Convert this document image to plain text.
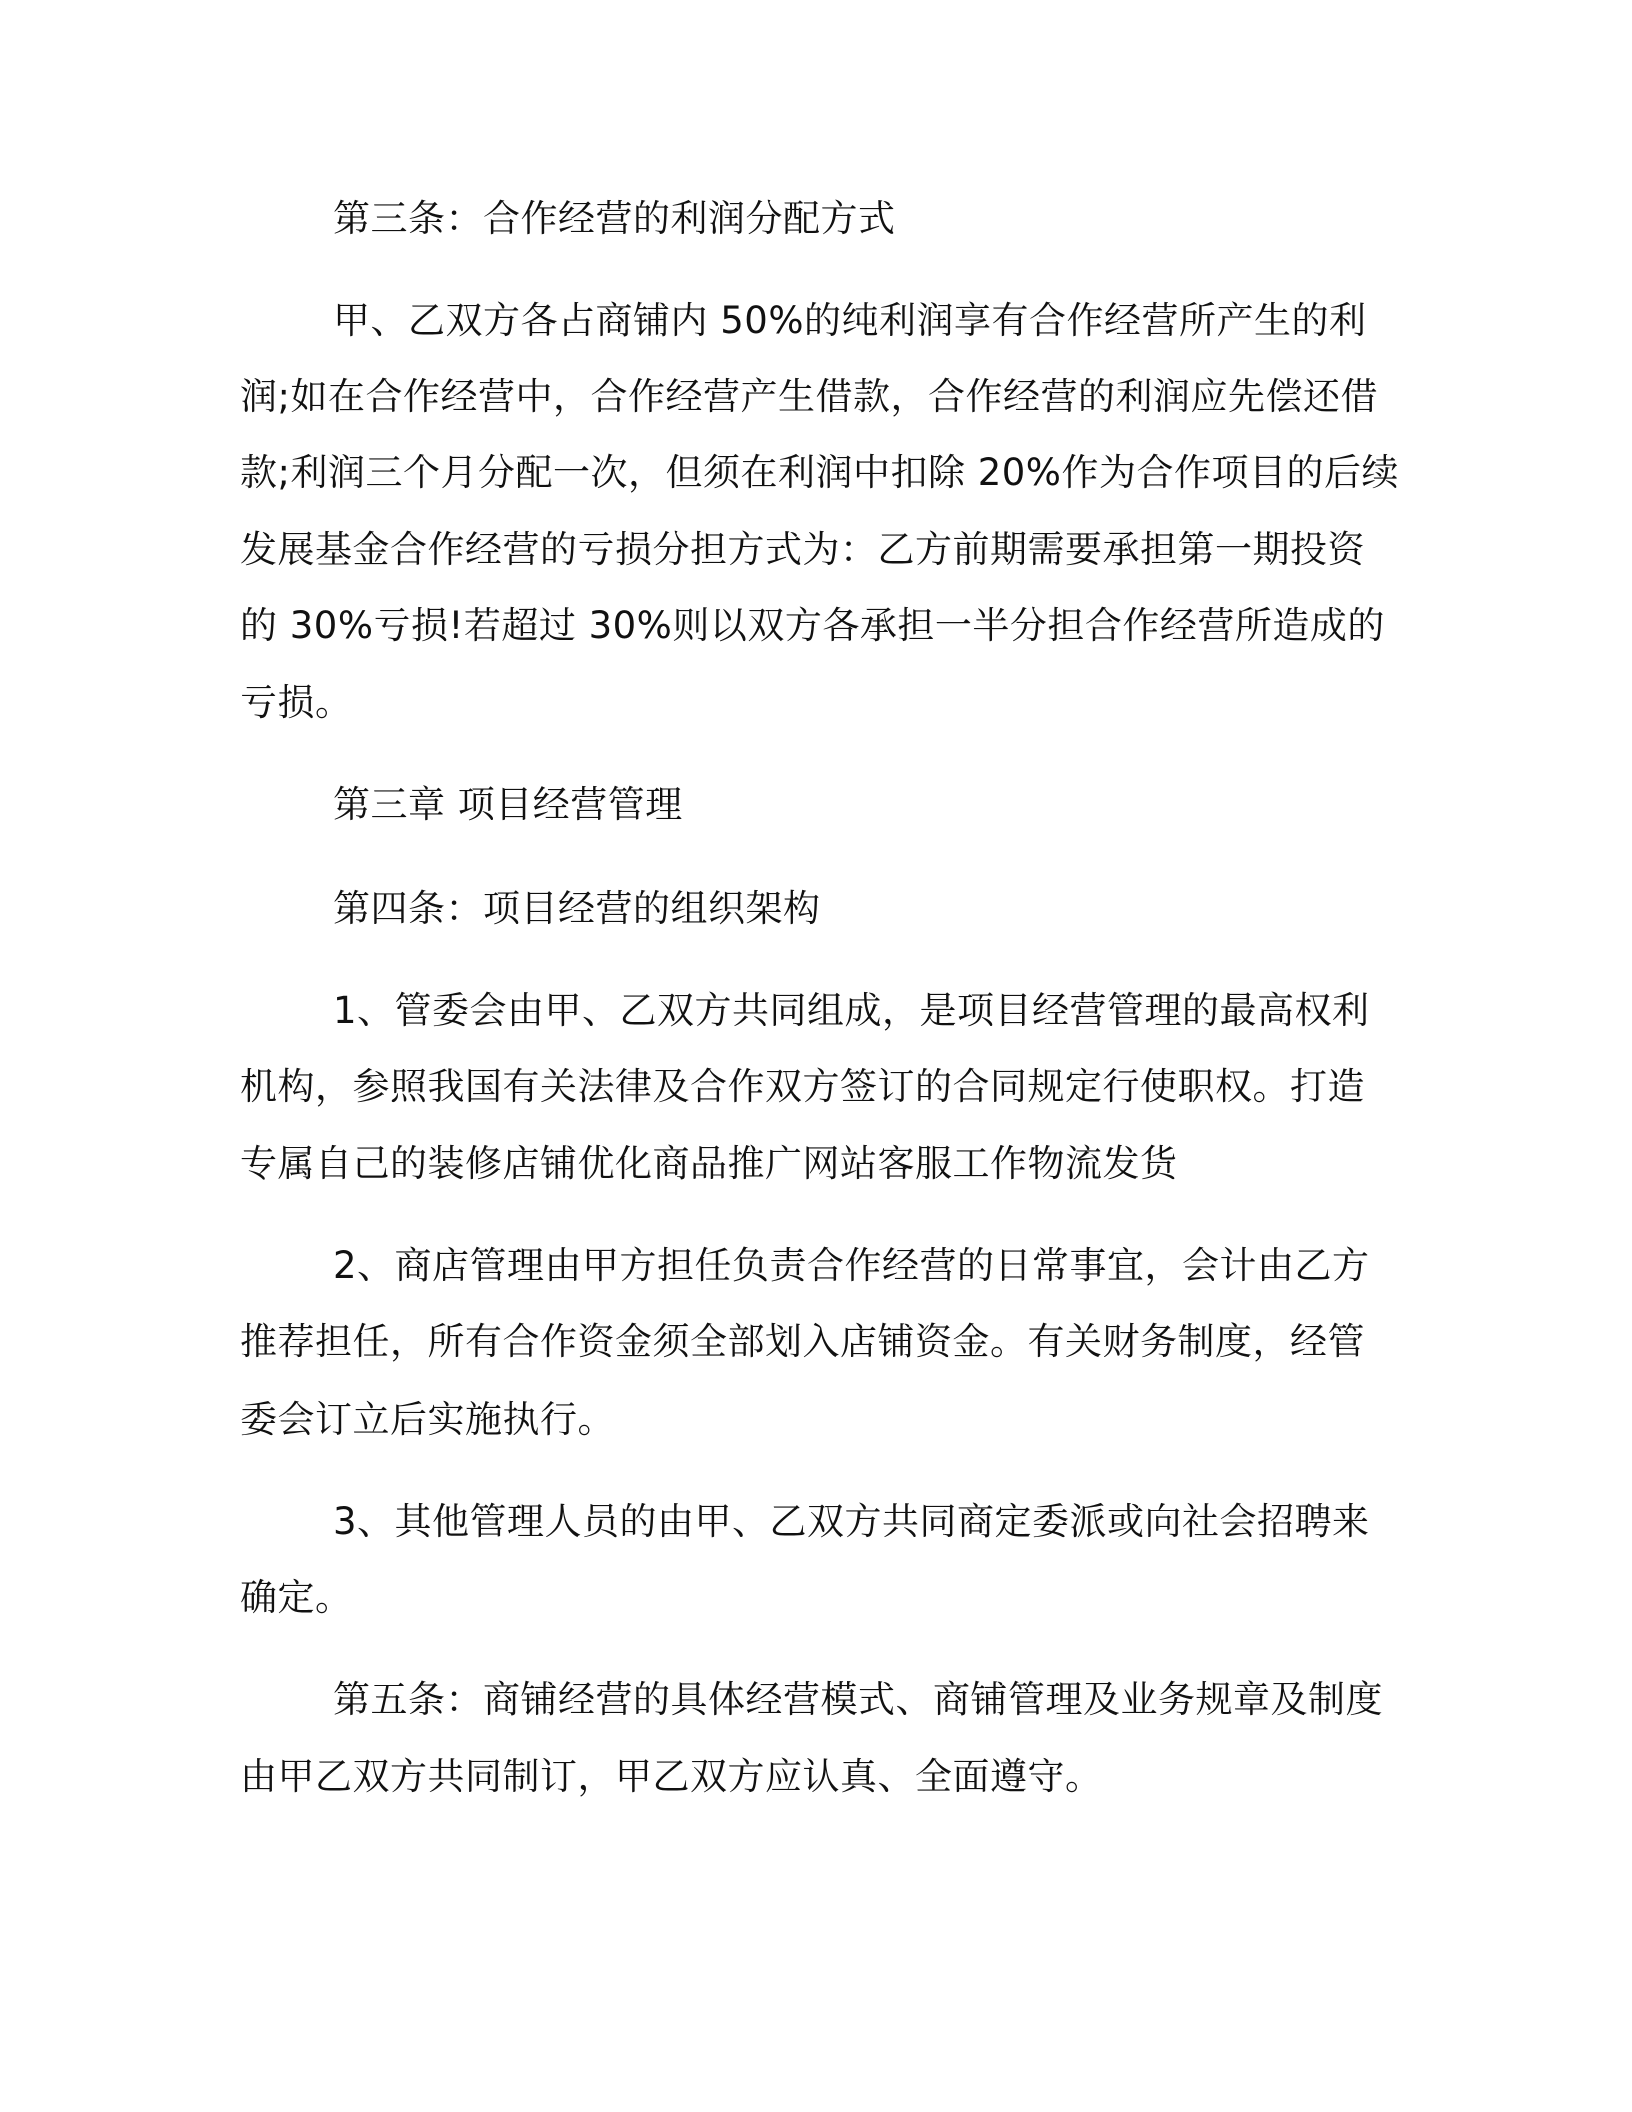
第三条：合作经营的利润分配方式
甲、乙双方各占商铺内 50%的纯利润享有合作经营所产生的利
润;如在合作经营中，合作经营产生借款，合作经营的利润应先偿还借
款;利润三个月分配一次，但须在利润中扣除 20%作为合作项目的后续
发展基金合作经营的亏损分担方式为：乙方前期需要承担第一期投资
的 30%亏损!若超过 30%则以双方各承担一半分担合作经营所造成的
亏损。
第三章 项目经营管理
第四条：项目经营的组织架构
1、管委会由甲、乙双方共同组成，是项目经营管理的最高权利
机构，参照我国有关法律及合作双方签订的合同规定行使职权。打造
专属自己的装修店铺优化商品推广网站客服工作物流发货
2、商店管理由甲方担任负责合作经营的日常事宜，会计由乙方
推荐担任，所有合作资金须全部划入店铺资金。有关财务制度，经管
委会订立后实施执行。
3、其他管理人员的由甲、乙双方共同商定委派或向社会招聘来
确定。
第五条：商铺经营的具体经营模式、商铺管理及业务规章及制度
由甲乙双方共同制订，甲乙双方应认真、全面遵守。
